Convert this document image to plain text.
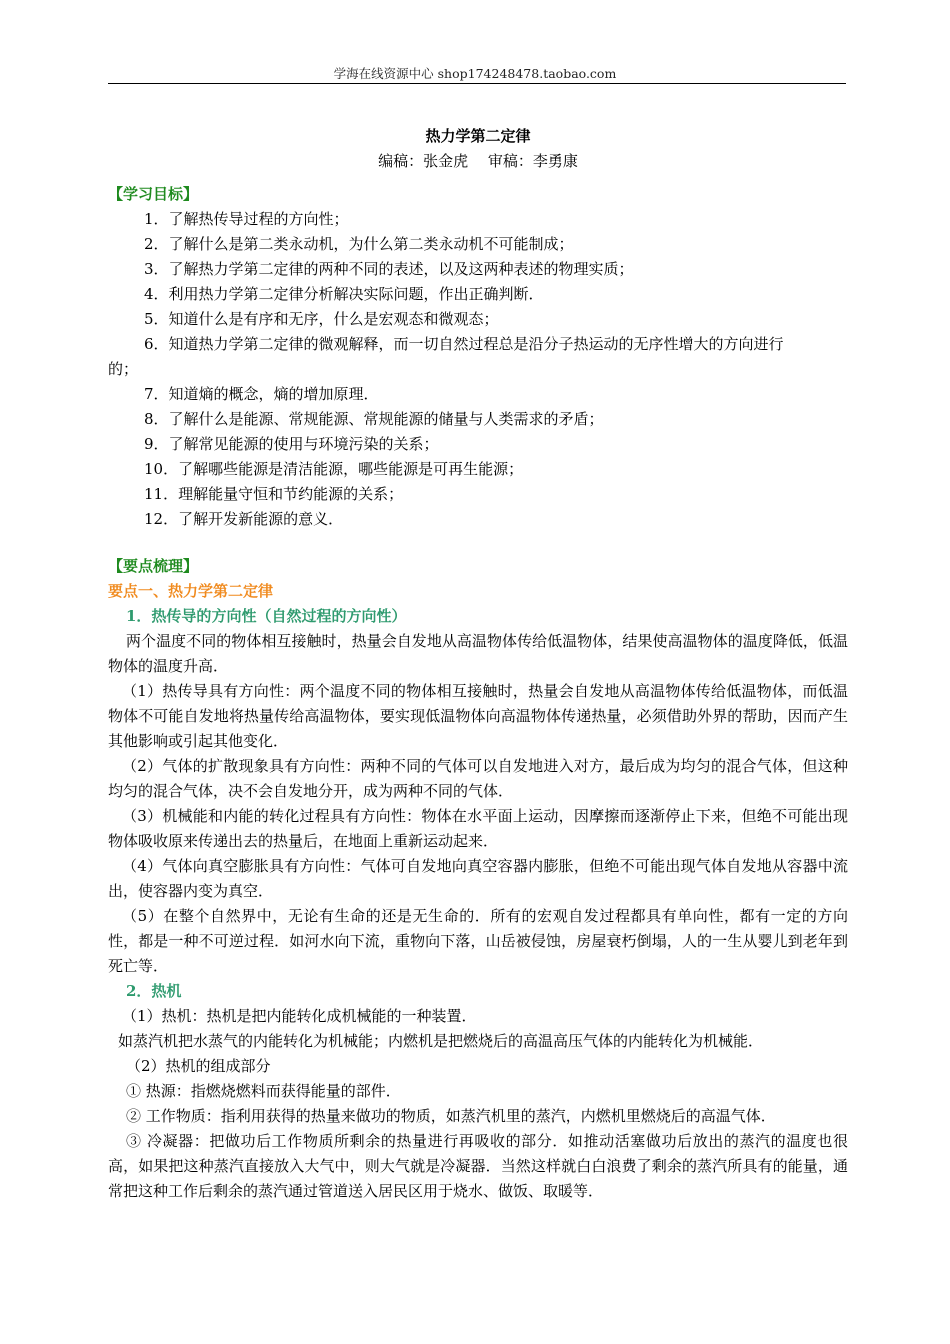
学海在线资源中心 shop174248478.taobao.com
热力学第二定律
编稿：张金虎　 审稿：李勇康
【学习目标】
1．了解热传导过程的方向性；
2．了解什么是第二类永动机，为什么第二类永动机不可能制成；
3．了解热力学第二定律的两种不同的表述，以及这两种表述的物理实质；
4．利用热力学第二定律分析解决实际问题，作出正确判断．
5．知道什么是有序和无序，什么是宏观态和微观态；
6．知道热力学第二定律的微观解释，而一切自然过程总是沿分子热运动的无序性增大的方向进行
的；
7．知道熵的概念，熵的增加原理．
8．了解什么是能源、常规能源、常规能源的储量与人类需求的矛盾；
9．了解常见能源的使用与环境污染的关系；
10．了解哪些能源是清洁能源，哪些能源是可再生能源；
11．理解能量守恒和节约能源的关系；
12．了解开发新能源的意义．
【要点梳理】
要点一、热力学第二定律
1．热传导的方向性（自然过程的方向性）
两个温度不同的物体相互接触时，热量会自发地从高温物体传给低温物体，结果使高温物体的温度降低，低温物体的温度升高．
（1）热传导具有方向性：两个温度不同的物体相互接触时，热量会自发地从高温物体传给低温物体，而低温物体不可能自发地将热量传给高温物体，要实现低温物体向高温物体传递热量，必须借助外界的帮助，因而产生其他影响或引起其他变化．
（2）气体的扩散现象具有方向性：两种不同的气体可以自发地进入对方，最后成为均匀的混合气体，但这种均匀的混合气体，决不会自发地分开，成为两种不同的气体．
（3）机械能和内能的转化过程具有方向性：物体在水平面上运动，因摩擦而逐渐停止下来，但绝不可能出现物体吸收原来传递出去的热量后，在地面上重新运动起来．
（4）气体向真空膨胀具有方向性：气体可自发地向真空容器内膨胀，但绝不可能出现气体自发地从容器中流出，使容器内变为真空．
（5）在整个自然界中，无论有生命的还是无生命的．所有的宏观自发过程都具有单向性，都有一定的方向性，都是一种不可逆过程．如河水向下流，重物向下落，山岳被侵蚀，房屋衰朽倒塌，人的一生从婴儿到老年到死亡等．
2．热机
（1）热机：热机是把内能转化成机械能的一种装置．
如蒸汽机把水蒸气的内能转化为机械能；内燃机是把燃烧后的高温高压气体的内能转化为机械能．
（2）热机的组成部分
① 热源：指燃烧燃料而获得能量的部件．
② 工作物质：指利用获得的热量来做功的物质，如蒸汽机里的蒸汽，内燃机里燃烧后的高温气体．
③ 冷凝器：把做功后工作物质所剩余的热量进行再吸收的部分．如推动活塞做功后放出的蒸汽的温度也很高，如果把这种蒸汽直接放入大气中，则大气就是冷凝器．当然这样就白白浪费了剩余的蒸汽所具有的能量，通常把这种工作后剩余的蒸汽通过管道送入居民区用于烧水、做饭、取暖等．
